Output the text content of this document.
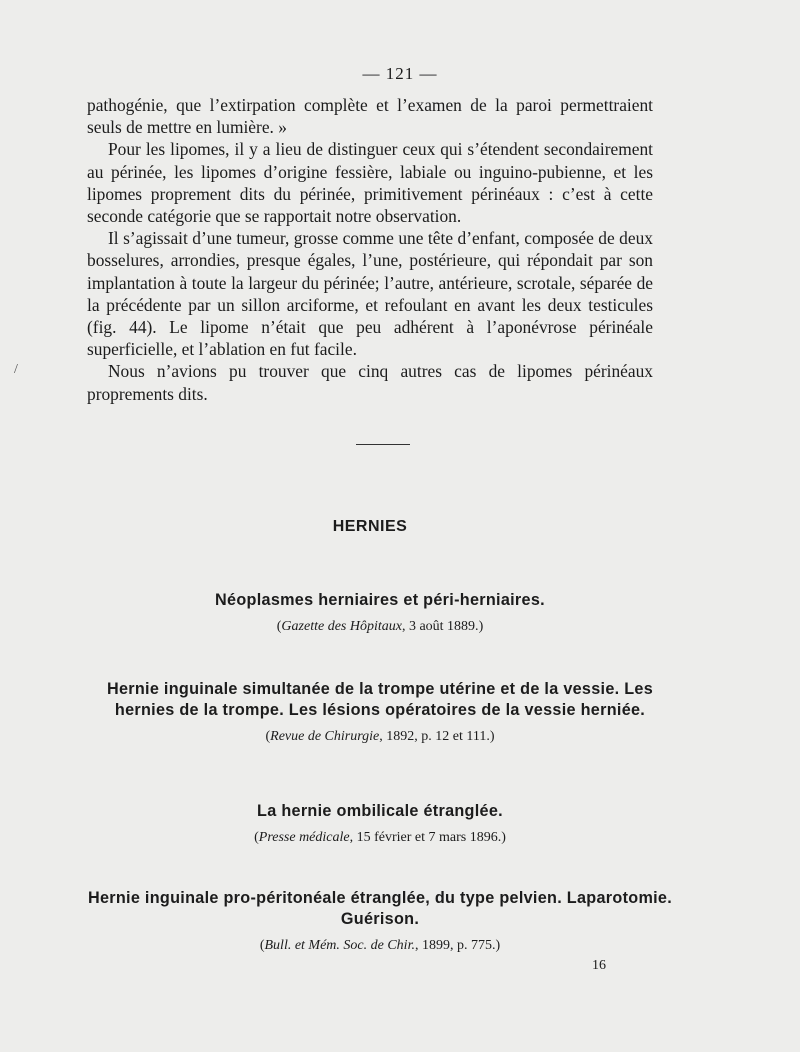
— 121 —

pathogénie, que l’extirpation complète et l’examen de la paroi permettraient seuls de mettre en lumière. »

Pour les lipomes, il y a lieu de distinguer ceux qui s’étendent secondairement au périnée, les lipomes d’origine fessière, labiale ou inguino-pubienne, et les lipomes proprement dits du périnée, primitivement périnéaux : c’est à cette seconde catégorie que se rapportait notre observation.

Il s’agissait d’une tumeur, grosse comme une tête d’enfant, composée de deux bosselures, arrondies, presque égales, l’une, postérieure, qui répondait par son implantation à toute la largeur du périnée; l’autre, antérieure, scrotale, séparée de la précédente par un sillon arciforme, et refoulant en avant les deux testicules (fig. 44). Le lipome n’était que peu adhérent à l’aponévrose périnéale superficielle, et l’ablation en fut facile.

Nous n’avions pu trouver que cinq autres cas de lipomes périnéaux proprements dits.

HERNIES
Néoplasmes herniaires et péri-herniaires.
(Gazette des Hôpitaux, 3 août 1889.)
Hernie inguinale simultanée de la trompe utérine et de la vessie. Les hernies de la trompe. Les lésions opératoires de la vessie herniée.
(Revue de Chirurgie, 1892, p. 12 et 111.)
La hernie ombilicale étranglée.
(Presse médicale, 15 février et 7 mars 1896.)
Hernie inguinale pro-péritonéale étranglée, du type pelvien. Laparotomie. Guérison.
(Bull. et Mém. Soc. de Chir., 1899, p. 775.)
16
/
